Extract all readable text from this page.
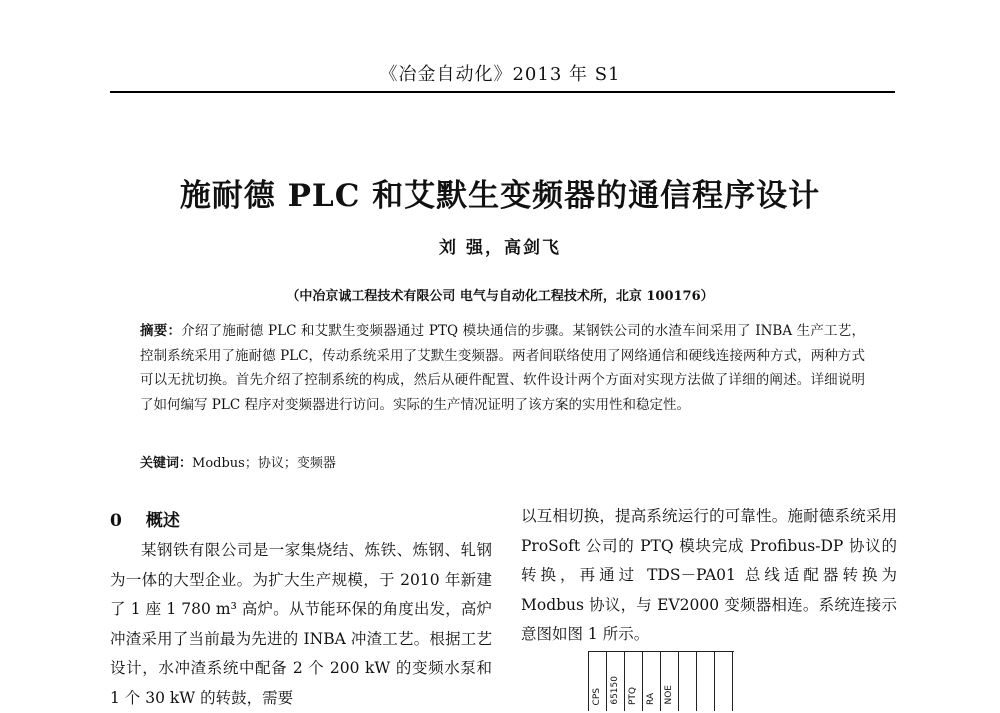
《冶金自动化》2013 年 S1
施耐德 PLC 和艾默生变频器的通信程序设计
刘 强，高剑飞
（中冶京诚工程技术有限公司 电气与自动化工程技术所，北京 100176）
摘要：介绍了施耐德 PLC 和艾默生变频器通过 PTQ 模块通信的步骤。某钢铁公司的水渣车间采用了 INBA 生产工艺，控制系统采用了施耐德 PLC，传动系统采用了艾默生变频器。两者间联络使用了网络通信和硬线连接两种方式，两种方式可以无扰切换。首先介绍了控制系统的构成，然后从硬件配置、软件设计两个方面对实现方法做了详细的阐述。详细说明了如何编写 PLC 程序对变频器进行访问。实际的生产情况证明了该方案的实用性和稳定性。
关键词：Modbus；协议；变频器
0 概述
某钢铁有限公司是一家集烧结、炼铁、炼钢、轧钢为一体的大型企业。为扩大生产规模，于 2010 年新建了 1 座 1 780 m³ 高炉。从节能环保的角度出发，高炉冲渣采用了当前最为先进的 INBA 冲渣工艺。根据工艺设计，水冲渣系统中配备 2 个 200 kW 的变频水泵和 1 个 30 kW 的转鼓，需要
以互相切换，提高系统运行的可靠性。施耐德系统采用 ProSoft 公司的 PTQ 模块完成 Profibus-DP 协议的转换，再通过 TDS－PA01 总线适配器转换为 Modbus 协议，与 EV2000 变频器相连。系统连接示意图如图 1 所示。
CPS 65150 PTQ RA NOE
